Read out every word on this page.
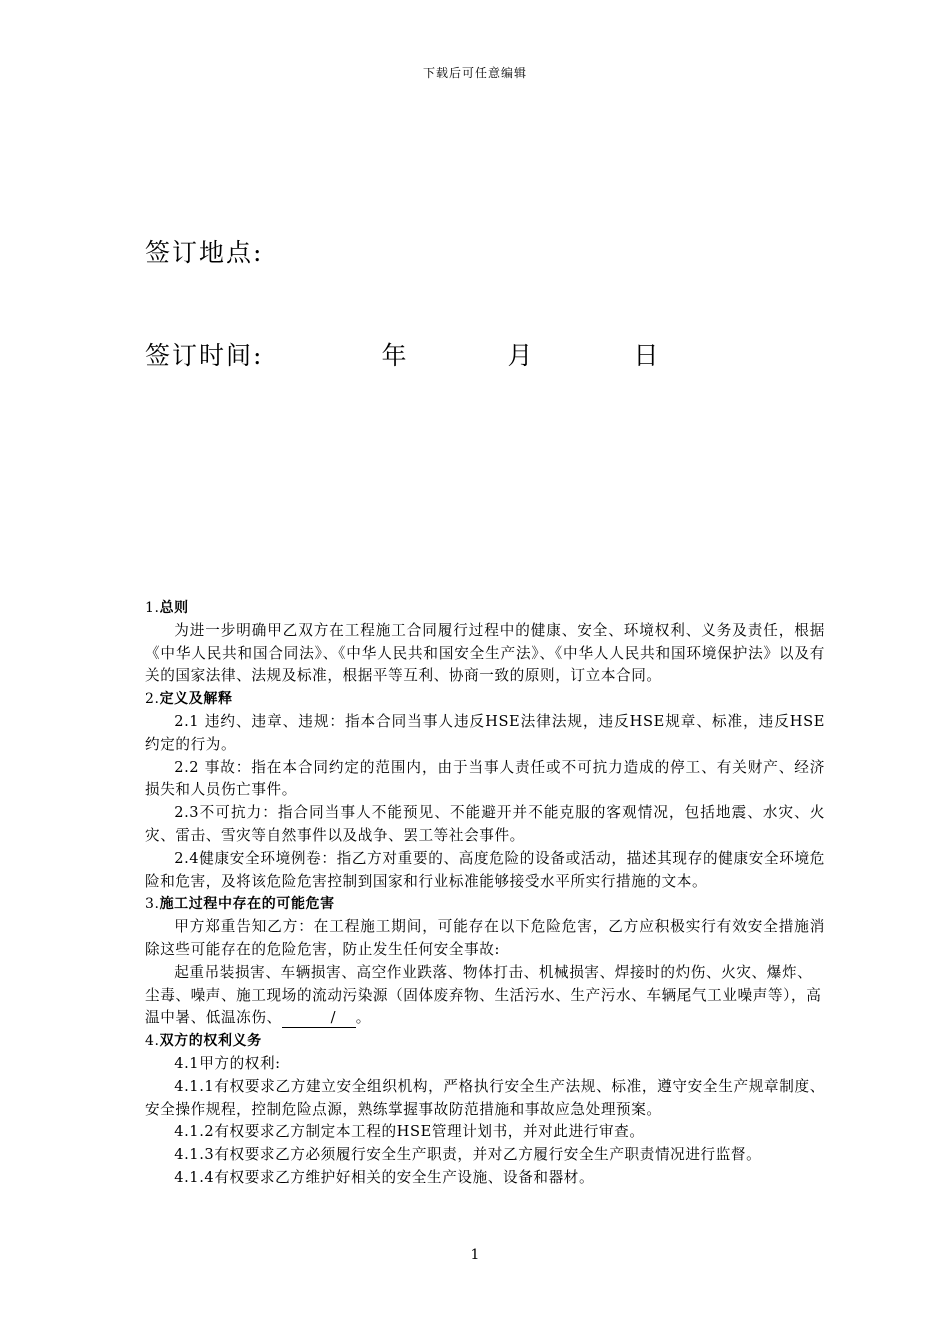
下载后可任意编辑
签订地点:
签订时间:	年	月	日
1.总则
为进一步明确甲乙双方在工程施工合同履行过程中的健康、安全、环境权利、义务及责任，根据《中华人民共和国合同法》、《中华人民共和国安全生产法》、《中华人人民共和国环境保护法》以及有关的国家法律、法规及标准，根据平等互利、协商一致的原则，订立本合同。
2.定义及解释
2.1 违约、违章、违规：指本合同当事人违反HSE法律法规，违反HSE规章、标准，违反HSE约定的行为。
2.2 事故：指在本合同约定的范围内，由于当事人责任或不可抗力造成的停工、有关财产、经济损失和人员伤亡事件。
2.3不可抗力：指合同当事人不能预见、不能避开并不能克服的客观情况，包括地震、水灾、火灾、雷击、雪灾等自然事件以及战争、罢工等社会事件。
2.4健康安全环境例卷：指乙方对重要的、高度危险的设备或活动，描述其现存的健康安全环境危险和危害，及将该危险危害控制到国家和行业标准能够接受水平所实行措施的文本。
3.施工过程中存在的可能危害
甲方郑重告知乙方：在工程施工期间，可能存在以下危险危害，乙方应积极实行有效安全措施消除这些可能存在的危险危害，防止发生任何安全事故:
起重吊装损害、车辆损害、高空作业跌落、物体打击、机械损害、焊接时的灼伤、火灾、爆炸、尘毒、噪声、施工现场的流动污染源（固体废弃物、生活污水、生产污水、车辆尾气工业噪声等），高温中暑、低温冻伤、	/ 。
4.双方的权利义务
4.1甲方的权利:
4.1.1有权要求乙方建立安全组织机构，严格执行安全生产法规、标准，遵守安全生产规章制度、安全操作规程，控制危险点源，熟练掌握事故防范措施和事故应急处理预案。
4.1.2有权要求乙方制定本工程的HSE管理计划书，并对此进行审查。
4.1.3有权要求乙方必须履行安全生产职责，并对乙方履行安全生产职责情况进行监督。
4.1.4有权要求乙方维护好相关的安全生产设施、设备和器材。
1
